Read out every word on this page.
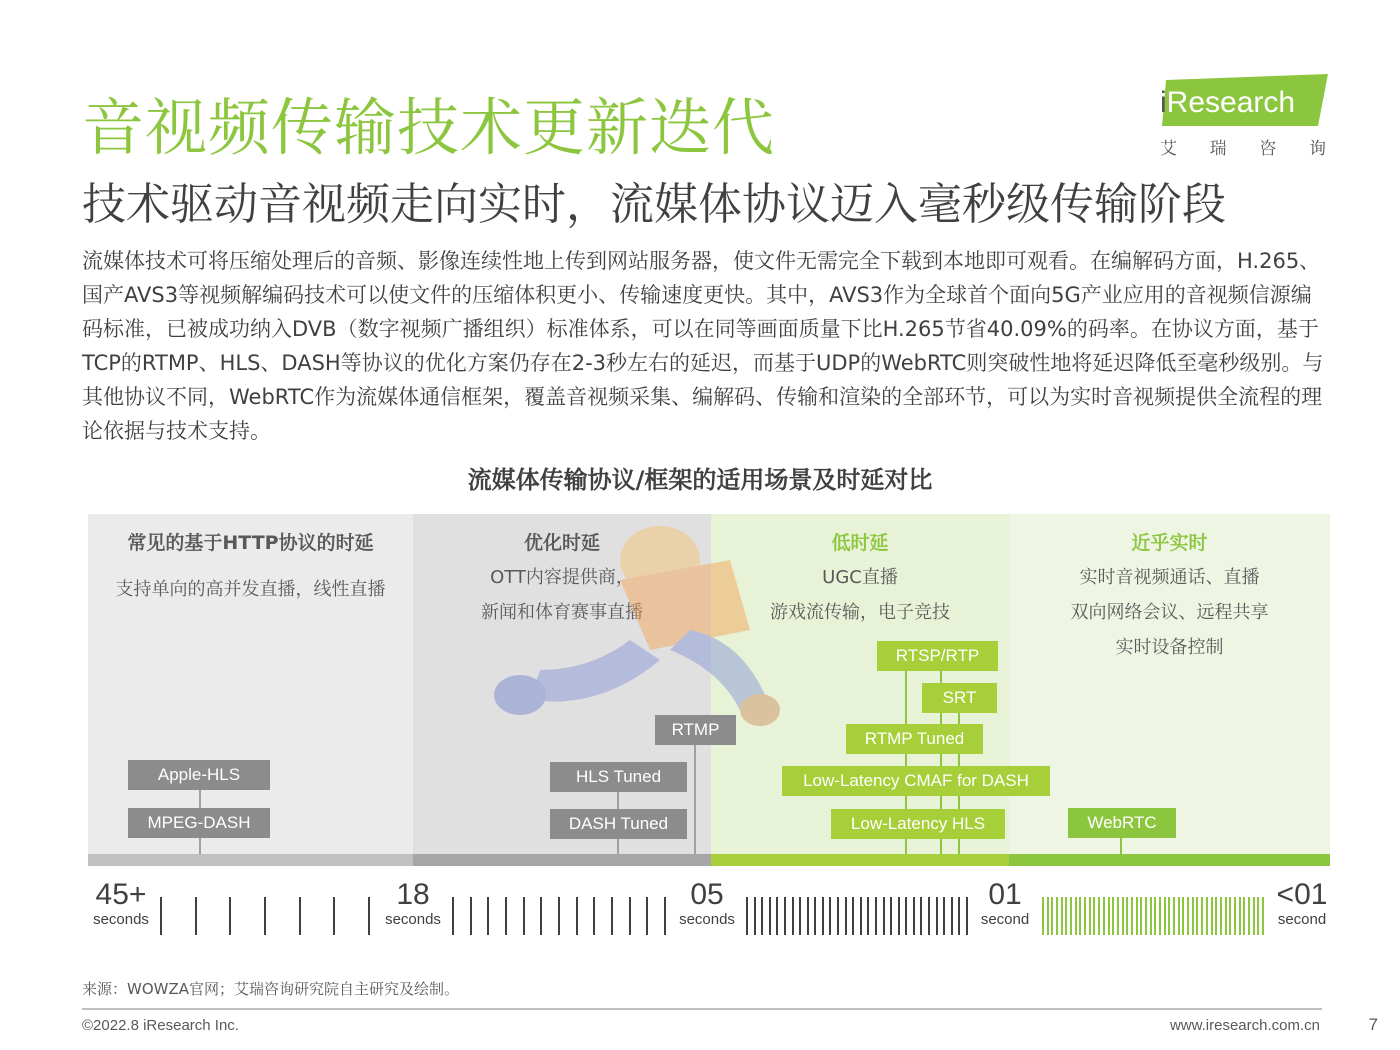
音视频传输技术更新迭代
技术驱动音视频走向实时，流媒体协议迈入毫秒级传输阶段
iResearch
艾 瑞 咨 询
流媒体技术可将压缩处理后的音频、影像连续性地上传到网站服务器，使文件无需完全下载到本地即可观看。在编解码方面，H.265、国产AVS3等视频解编码技术可以使文件的压缩体积更小、传输速度更快。其中，AVS3作为全球首个面向5G产业应用的音视频信源编码标准，已被成功纳入DVB（数字视频广播组织）标准体系，可以在同等画面质量下比H.265节省40.09%的码率。在协议方面，基于TCP的RTMP、HLS、DASH等协议的优化方案仍存在2-3秒左右的延迟，而基于UDP的WebRTC则突破性地将延迟降低至毫秒级别。与其他协议不同，WebRTC作为流媒体通信框架，覆盖音视频采集、编解码、传输和渲染的全部环节，可以为实时音视频提供全流程的理论依据与技术支持。
流媒体传输协议/框架的适用场景及时延对比
常见的基于HTTP协议的时延
支持单向的高并发直播，线性直播
优化时延
OTT内容提供商，
新闻和体育赛事直播
低时延
UGC直播
游戏流传输，电子竞技
近乎实时
实时音视频通话、直播
双向网络会议、远程共享
实时设备控制
Apple-HLS
MPEG-DASH
RTMP
HLS Tuned
DASH Tuned
RTSP/RTP
SRT
RTMP Tuned
Low-Latency CMAF for DASH
Low-Latency HLS	WebRTC
45+
seconds
18
seconds
05
seconds
01
second
<01
second
来源：WOWZA官网；艾瑞咨询研究院自主研究及绘制。
©2022.8 iResearch Inc.	www.iresearch.com.cn	7
